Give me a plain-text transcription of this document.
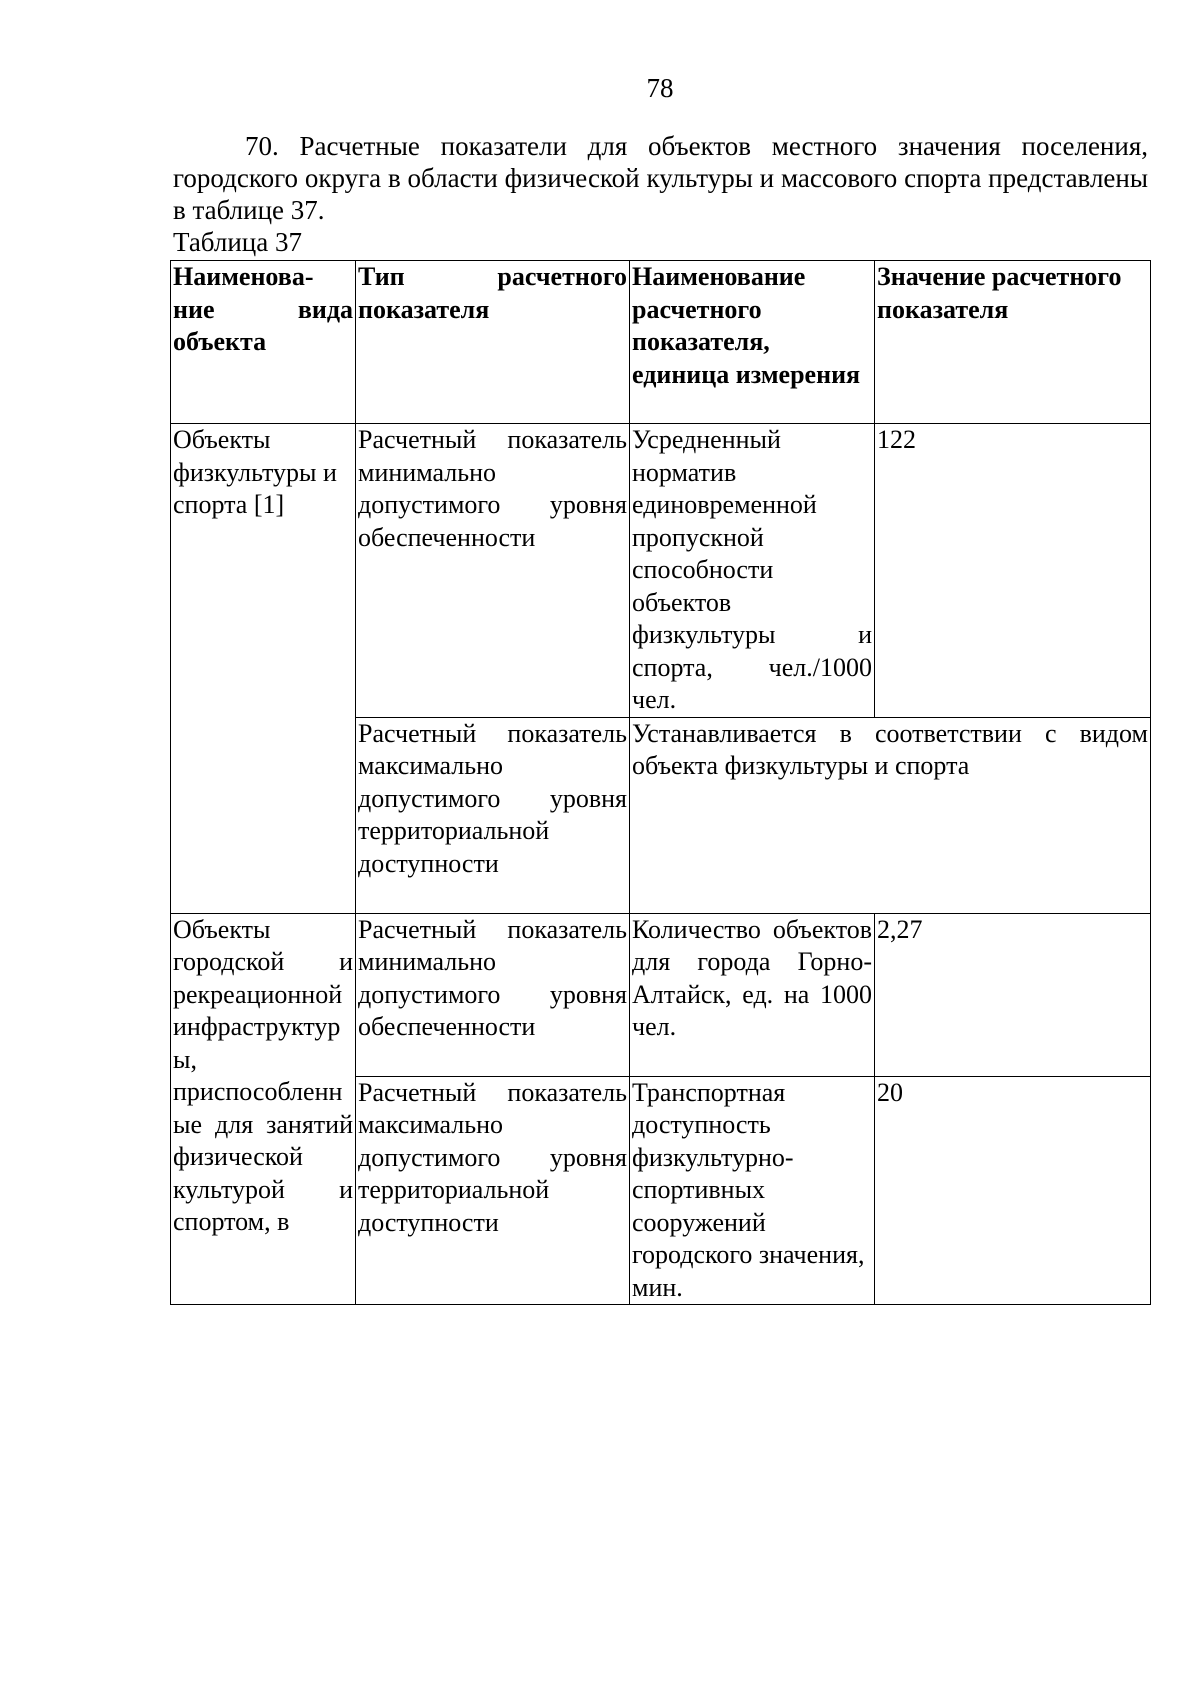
78

70. Расчетные показатели для объектов местного значения поселения, городского округа в области физической культуры и массового спорта представлены в таблице 37.

Таблица 37

Наименова-ние вида объекта	Тип расчетного показателя	Наименование расчетного показателя, единица измерения	Значение расчетного показателя
Объекты физкультуры и спорта [1]	Расчетный показатель минимально допустимого уровня обеспеченности	Усредненный норматив единовременной пропускной способности объектов физкультуры и спорта, чел./1000 чел.	122
	Расчетный показатель максимально допустимого уровня территориальной доступности	Устанавливается в соответствии с видом объекта физкультуры и спорта	
Объекты городской и рекреационной инфраструктуры, приспособленные для занятий физической культурой и спортом, в	Расчетный показатель минимально допустимого уровня обеспеченности	Количество объектов для города Горно-Алтайск, ед. на 1000 чел.	2,27
	Расчетный показатель максимально допустимого уровня территориальной доступности	Транспортная доступность физкультурно-спортивных сооружений городского значения, мин.	20
